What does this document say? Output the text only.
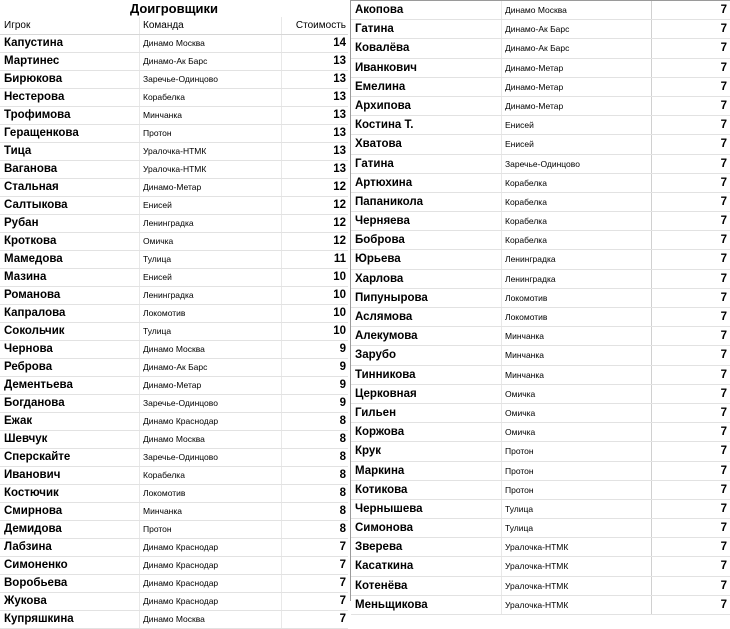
Доигровщики
Игрок	Команда	Стоимость
Капустина	Динамо Москва	14
Мартинес	Динамо-Ак Барс	13
Бирюкова	Заречье-Одинцово	13
Нестерова	Корабелка	13
Трофимова	Минчанка	13
Геращенкова	Протон	13
Тица	Уралочка-НТМК	13
Ваганова	Уралочка-НТМК	13
Стальная	Динамо-Метар	12
Салтыкова	Енисей	12
Рубан	Ленинградка	12
Кроткова	Омичка	12
Мамедова	Тулица	11
Мазина	Енисей	10
Романова	Ленинградка	10
Капралова	Локомотив	10
Сокольчик	Тулица	10
Чернова	Динамо Москва	9
Реброва	Динамо-Ак Барс	9
Дементьева	Динамо-Метар	9
Богданова	Заречье-Одинцово	9
Ежак	Динамо Краснодар	8
Шевчук	Динамо Москва	8
Сперскайте	Заречье-Одинцово	8
Иванович	Корабелка	8
Костючик	Локомотив	8
Смирнова	Минчанка	8
Демидова	Протон	8
Лабзина	Динамо Краснодар	7
Симоненко	Динамо Краснодар	7
Воробьева	Динамо Краснодар	7
Жукова	Динамо Краснодар	7
Купряшкина	Динамо Москва	7
Акопова	Динамо Москва	7
Гатина	Динамо-Ак Барс	7
Ковалёва	Динамо-Ак Барс	7
Иванкович	Динамо-Метар	7
Емелина	Динамо-Метар	7
Архипова	Динамо-Метар	7
Костина Т.	Енисей	7
Хватова	Енисей	7
Гатина	Заречье-Одинцово	7
Артюхина	Корабелка	7
Папаникола	Корабелка	7
Черняева	Корабелка	7
Боброва	Корабелка	7
Юрьева	Ленинградка	7
Харлова	Ленинградка	7
Пипунырова	Локомотив	7
Аслямова	Локомотив	7
Алекумова	Минчанка	7
Зарубо	Минчанка	7
Тинникова	Минчанка	7
Церковная	Омичка	7
Гильен	Омичка	7
Коржова	Омичка	7
Крук	Протон	7
Маркина	Протон	7
Котикова	Протон	7
Чернышева	Тулица	7
Симонова	Тулица	7
Зверева	Уралочка-НТМК	7
Касаткина	Уралочка-НТМК	7
Котенёва	Уралочка-НТМК	7
Меньщикова	Уралочка-НТМК	7
